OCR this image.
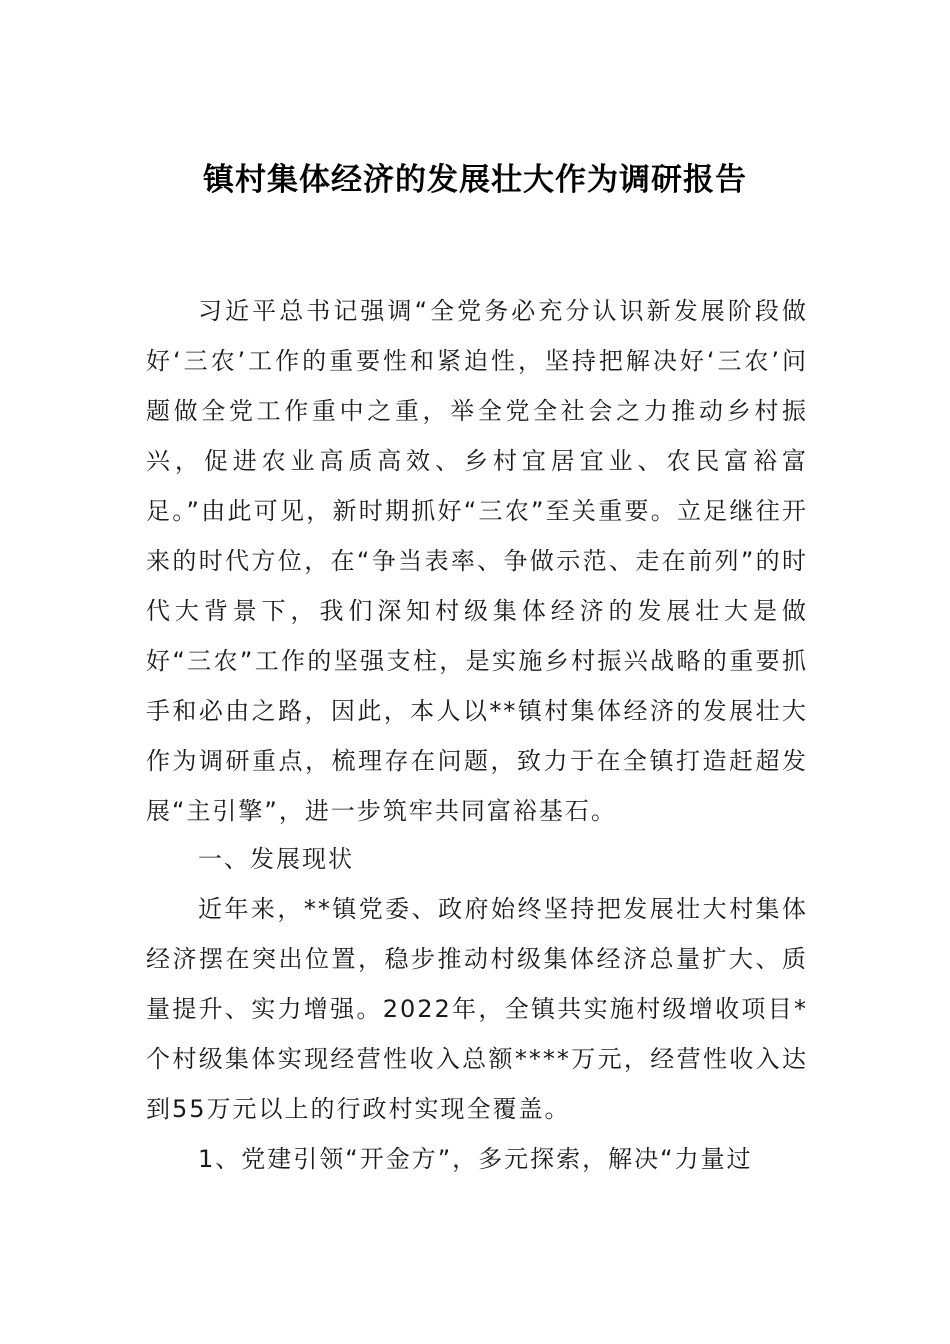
镇村集体经济的发展壮大作为调研报告

习近平总书记强调“全党务必充分认识新发展阶段做好‘三农’工作的重要性和紧迫性，坚持把解决好‘三农’问题做全党工作重中之重，举全党全社会之力推动乡村振兴，促进农业高质高效、乡村宜居宜业、农民富裕富足。”由此可见，新时期抓好“三农”至关重要。立足继往开来的时代方位，在“争当表率、争做示范、走在前列”的时代大背景下，我们深知村级集体经济的发展壮大是做好“三农”工作的坚强支柱，是实施乡村振兴战略的重要抓手和必由之路，因此，本人以**镇村集体经济的发展壮大作为调研重点，梳理存在问题，致力于在全镇打造赶超发展“主引擎”，进一步筑牢共同富裕基石。

一、发展现状

近年来，**镇党委、政府始终坚持把发展壮大村集体经济摆在突出位置，稳步推动村级集体经济总量扩大、质量提升、实力增强。2022年，全镇共实施村级增收项目*个村级集体实现经营性收入总额****万元，经营性收入达到55万元以上的行政村实现全覆盖。

1、党建引领“开金方”，多元探索，解决“力量过
